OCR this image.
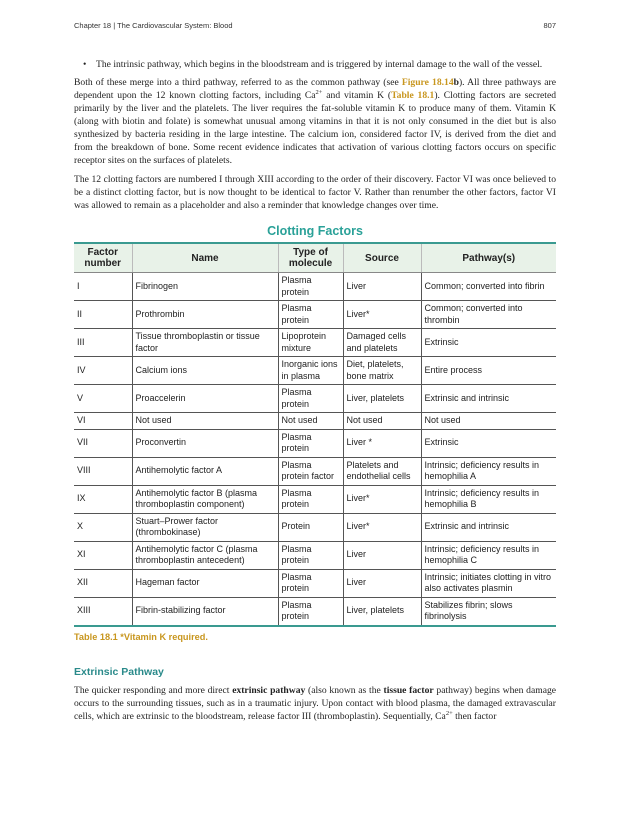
Chapter 18 | The Cardiovascular System: Blood	807

• The intrinsic pathway, which begins in the bloodstream and is triggered by internal damage to the wall of the vessel.

Both of these merge into a third pathway, referred to as the common pathway (see Figure 18.14b). All three pathways are dependent upon the 12 known clotting factors, including $Ca^{2+}$ and vitamin K (Table 18.1). Clotting factors are secreted primarily by the liver and the platelets. The liver requires the fat-soluble vitamin K to produce many of them. Vitamin K (along with biotin and folate) is somewhat unusual among vitamins in that it is not only consumed in the diet but is also synthesized by bacteria residing in the large intestine. The calcium ion, considered factor IV, is derived from the diet and from the breakdown of bone. Some recent evidence indicates that activation of various clotting factors occurs on specific receptor sites on the surfaces of platelets.

The 12 clotting factors are numbered I through XIII according to the order of their discovery. Factor VI was once believed to be a distinct clotting factor, but is now thought to be identical to factor V. Rather than renumber the other factors, factor VI was allowed to remain as a placeholder and also a reminder that knowledge changes over time.

Clotting Factors
Factor number	Name	Type of molecule	Source	Pathway(s)
I	Fibrinogen	Plasma protein	Liver	Common; converted into fibrin
II	Prothrombin	Plasma protein	Liver*	Common; converted into thrombin
III	Tissue thromboplastin or tissue factor	Lipoprotein mixture	Damaged cells and platelets	Extrinsic
IV	Calcium ions	Inorganic ions in plasma	Diet, platelets, bone matrix	Entire process
V	Proaccelerin	Plasma protein	Liver, platelets	Extrinsic and intrinsic
VI	Not used	Not used	Not used	Not used
VII	Proconvertin	Plasma protein	Liver *	Extrinsic
VIII	Antihemolytic factor A	Plasma protein factor	Platelets and endothelial cells	Intrinsic; deficiency results in hemophilia A
IX	Antihemolytic factor B (plasma thromboplastin component)	Plasma protein	Liver*	Intrinsic; deficiency results in hemophilia B
X	Stuart–Prower factor (thrombokinase)	Protein	Liver*	Extrinsic and intrinsic
XI	Antihemolytic factor C (plasma thromboplastin antecedent)	Plasma protein	Liver	Intrinsic; deficiency results in hemophilia C
XII	Hageman factor	Plasma protein	Liver	Intrinsic; initiates clotting in vitro also activates plasmin
XIII	Fibrin-stabilizing factor	Plasma protein	Liver, platelets	Stabilizes fibrin; slows fibrinolysis
Table 18.1 *Vitamin K required.
Extrinsic Pathway

The quicker responding and more direct extrinsic pathway (also known as the tissue factor pathway) begins when damage occurs to the surrounding tissues, such as in a traumatic injury. Upon contact with blood plasma, the damaged extravascular cells, which are extrinsic to the bloodstream, release factor III (thromboplastin). Sequentially, $Ca^{2+}$ then factor
